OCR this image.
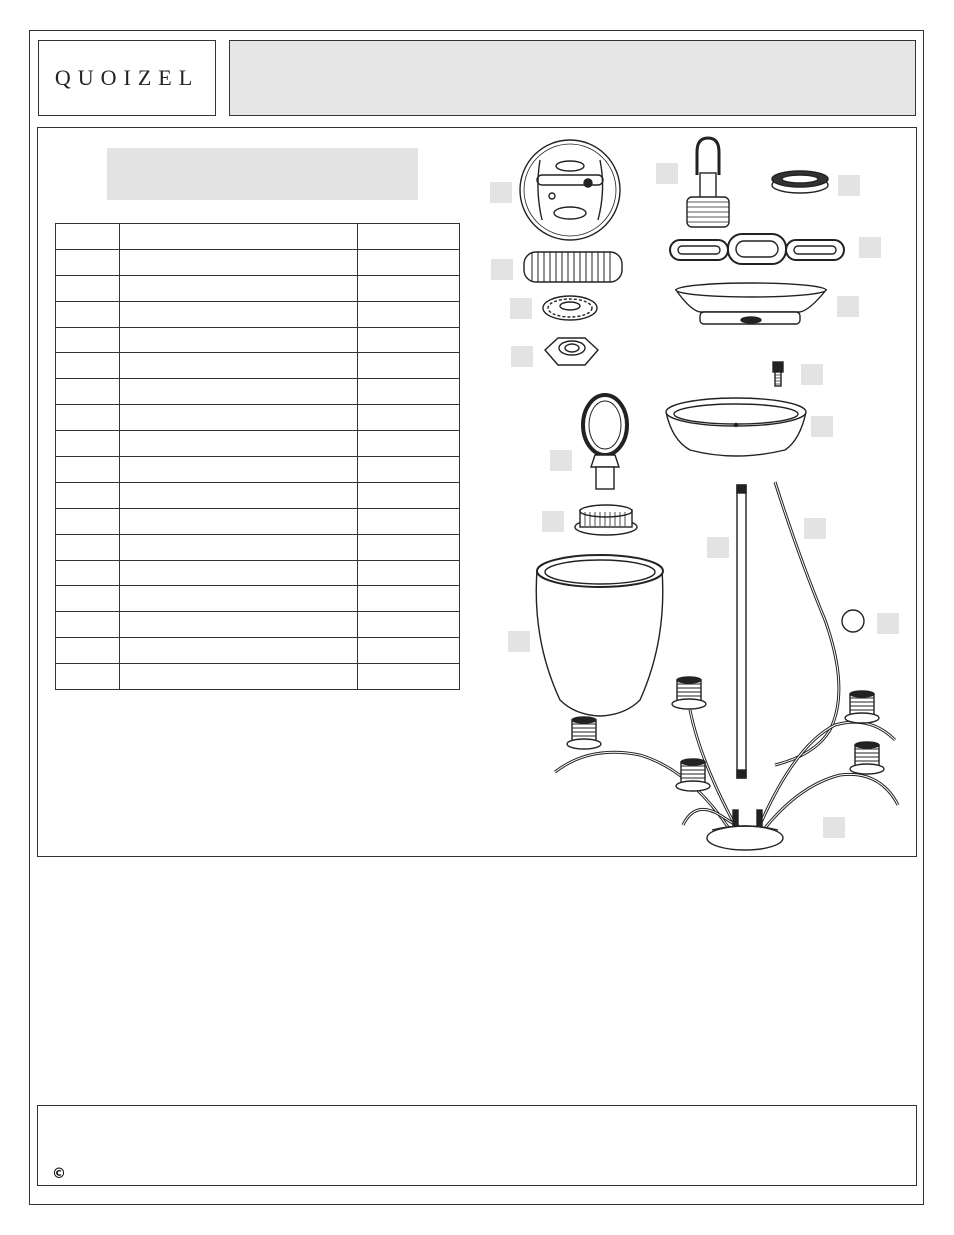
QUOIZEL

©
